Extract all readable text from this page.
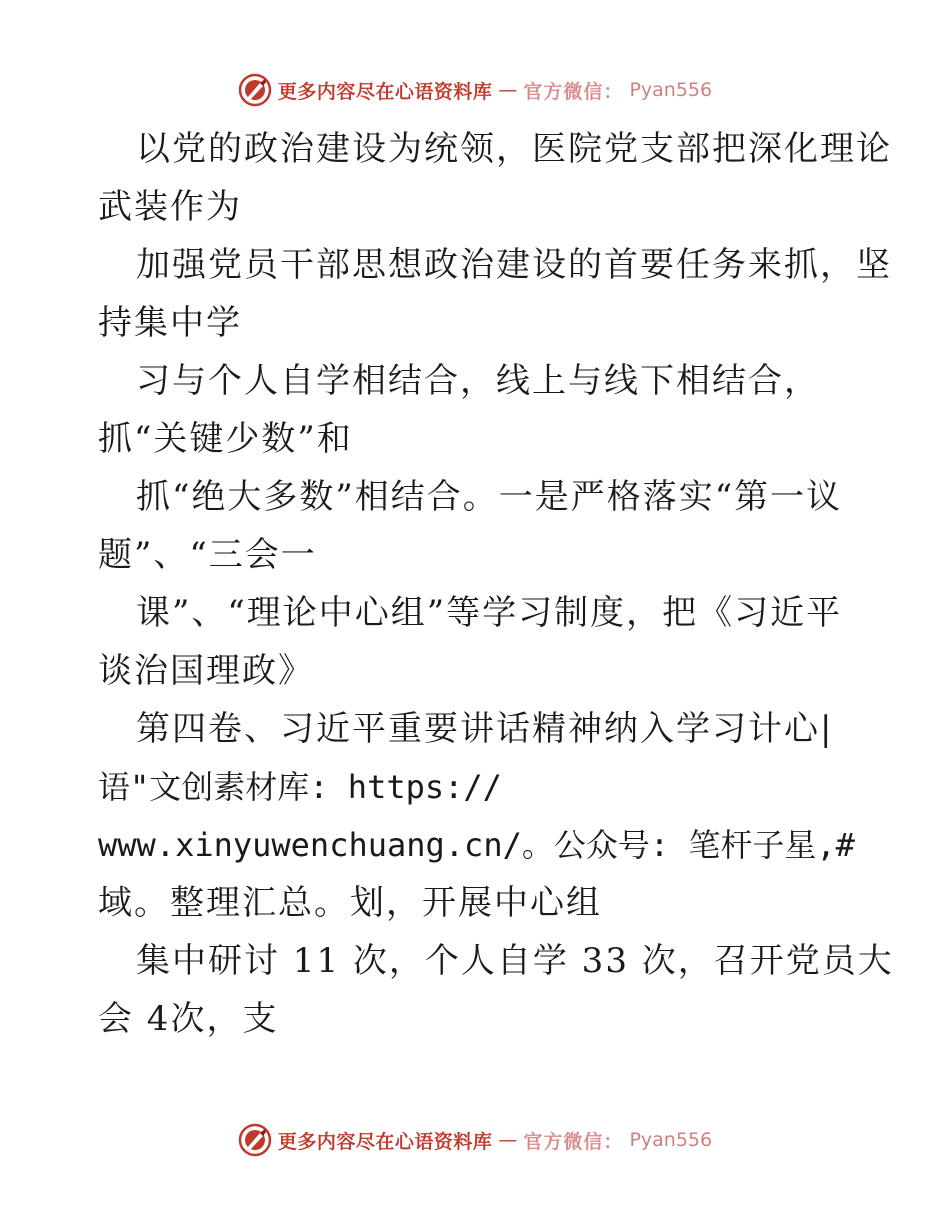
更多内容尽在心语资料库 — 官方微信： Pyan556
以党的政治建设为统领，医院党支部把深化理论
武装作为
加强党员干部思想政治建设的首要任务来抓，坚
持集中学
习与个人自学相结合，线上与线下相结合，
抓“关键少数”和
抓“绝大多数”相结合。一是严格落实“第一议
题”、“三会一
课”、“理论中心组”等学习制度，把《习近平
谈治国理政》
第四卷、习近平重要讲话精神纳入学习计心|
语"文创素材库: https://
www.xinyuwenchuang.cn/。公众号: 笔杆子星,#
域。整理汇总。划，开展中心组
集中研讨 11 次，个人自学 33 次，召开党员大
会 4次，支
更多内容尽在心语资料库 — 官方微信： Pyan556
